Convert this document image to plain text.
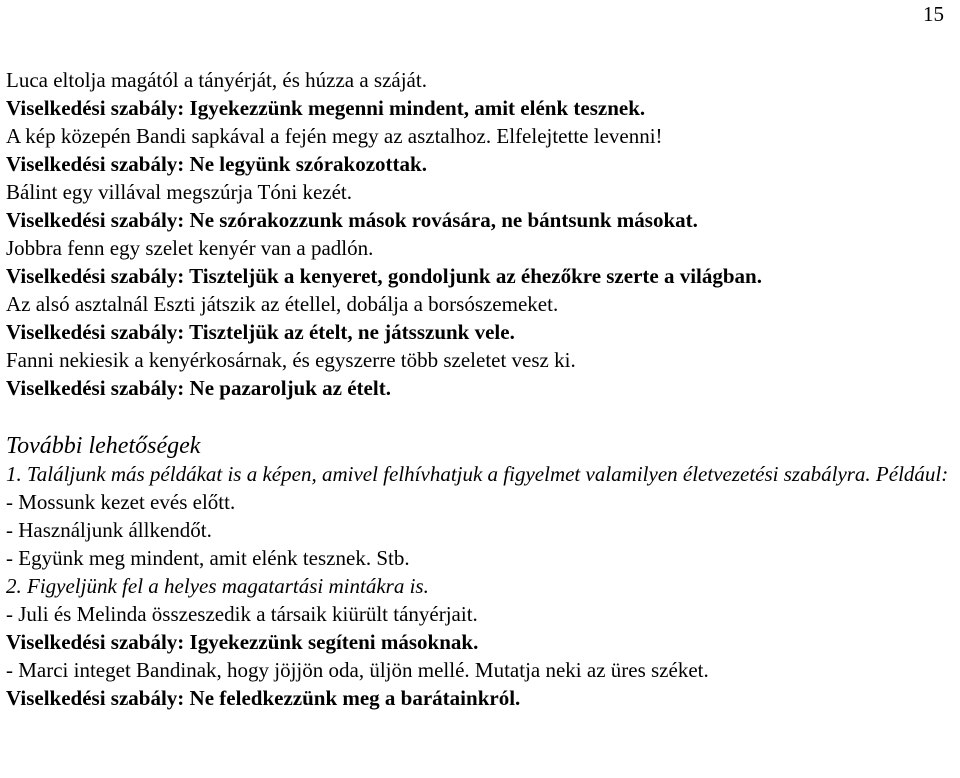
15
Luca eltolja magától a tányérját, és húzza a száját.
Viselkedési szabály: Igyekezzünk megenni mindent, amit elénk tesznek.
A kép közepén Bandi sapkával a fején megy az asztalhoz. Elfelejtette levenni!
Viselkedési szabály: Ne legyünk szórakozottak.
Bálint egy villával megszúrja Tóni kezét.
Viselkedési szabály: Ne szórakozzunk mások rovására, ne bántsunk másokat.
Jobbra fenn egy szelet kenyér van a padlón.
Viselkedési szabály: Tiszteljük a kenyeret, gondoljunk az éhezőkre szerte a világban.
Az alsó asztalnál Eszti játszik az étellel, dobálja a borsószemeket.
Viselkedési szabály: Tiszteljük az ételt, ne játsszunk vele.
Fanni nekiesik a kenyérkosárnak, és egyszerre több szeletet vesz ki.
Viselkedési szabály: Ne pazaroljuk az ételt.
További lehetőségek
1. Találjunk más példákat is a képen, amivel felhívhatjuk a figyelmet valamilyen életvezetési szabályra. Például:
- Mossunk kezet evés előtt.
- Használjunk állkendőt.
- Együnk meg mindent, amit elénk tesznek. Stb.
2. Figyeljünk fel a helyes magatartási mintákra is.
- Juli és Melinda összeszedik a társaik kiürült tányérjait.
Viselkedési szabály: Igyekezzünk segíteni másoknak.
- Marci integet Bandinak, hogy jöjjön oda, üljön mellé. Mutatja neki az üres széket.
Viselkedési szabály: Ne feledkezzünk meg a barátainkról.
